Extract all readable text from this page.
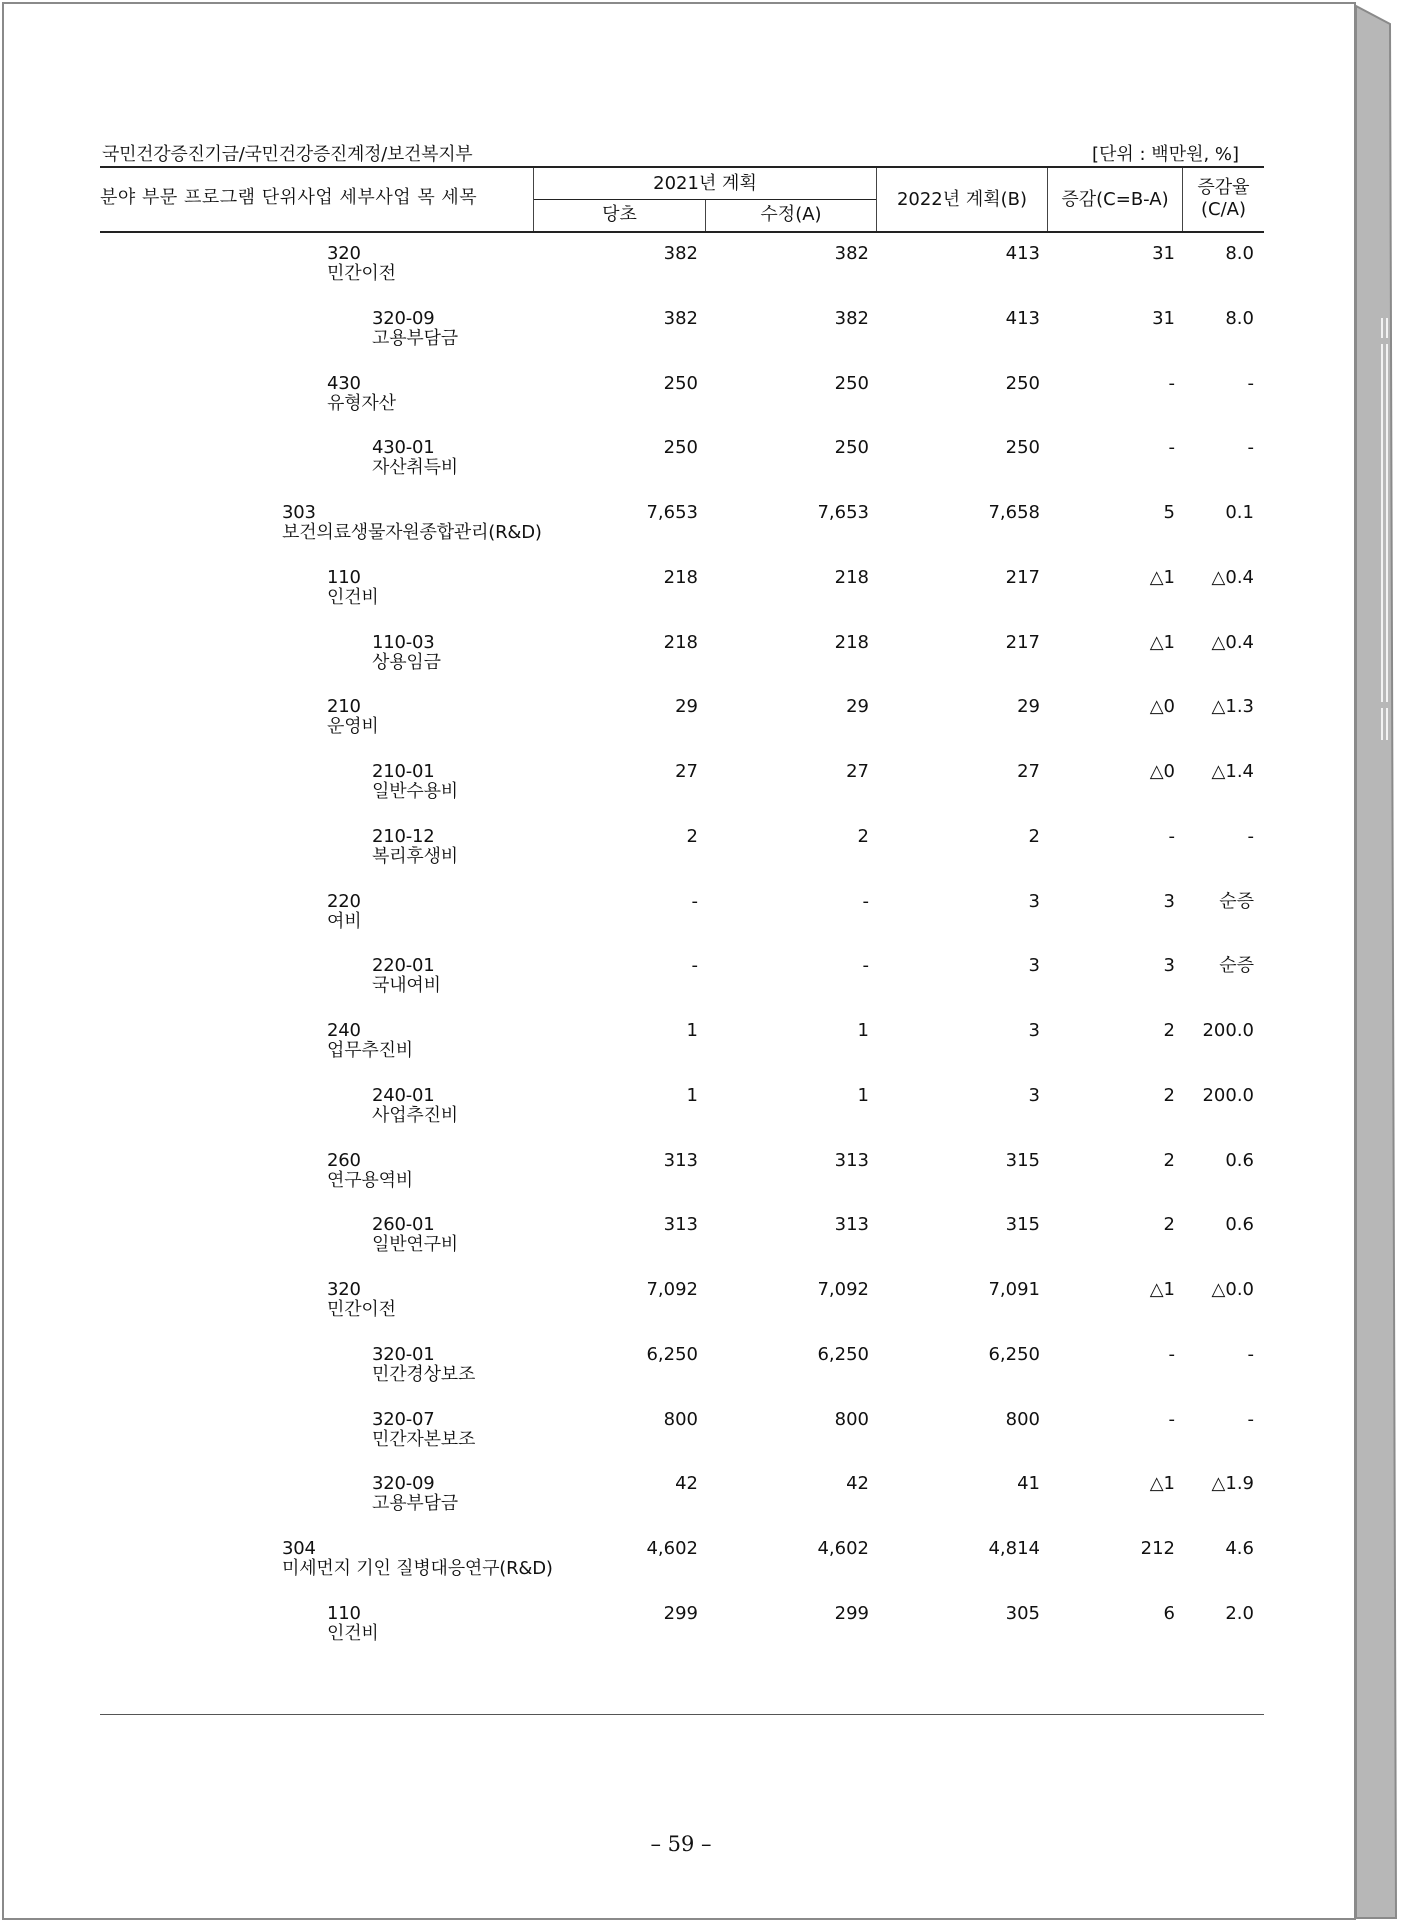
국민건강증진기금/국민건강증진계정/보건복지부	[단위 : 백만원, %]
분야 부문 프로그램 단위사업 세부사업 목 세목
2021년 계획
당초	수정(A)
2022년 계획(B)	증감(C=B-A)
증감율
(C/A)
320
민간이전
382	382	413	31	8.0
320-09
고용부담금
382	382	413	31	8.0
430
유형자산
250	250	250	-	-
430-01
자산취득비
250	250	250	-	-
303
보건의료생물자원종합관리(R&D)
7,653	7,653	7,658	5	0.1
110
인건비
218	218	217	△1 △0.4
110-03
상용임금
218	218	217	△1 △0.4
210
운영비
29	29	29	△0 △1.3
210-01
일반수용비
27	27	27	△0 △1.4
210-12
복리후생비
2	2	2	-	-
220
여비
-	-	3	3 순증
220-01
국내여비
-	-	3	3 순증
240
업무추진비
1	1	3	2 200.0
240-01
사업추진비
1	1	3	2 200.0
260
연구용역비
313	313	315	2	0.6
260-01
일반연구비
313	313	315	2	0.6
320
민간이전
7,092	7,092	7,091	△1 △0.0
320-01
민간경상보조
6,250	6,250	6,250	-	-
320-07
민간자본보조
800	800	800	-	-
320-09
고용부담금
42	42	41	△1 △1.9
304
미세먼지 기인 질병대응연구(R&D)
4,602	4,602	4,814	212	4.6
110
인건비
299	299	305	6	2.0
– 59 –
